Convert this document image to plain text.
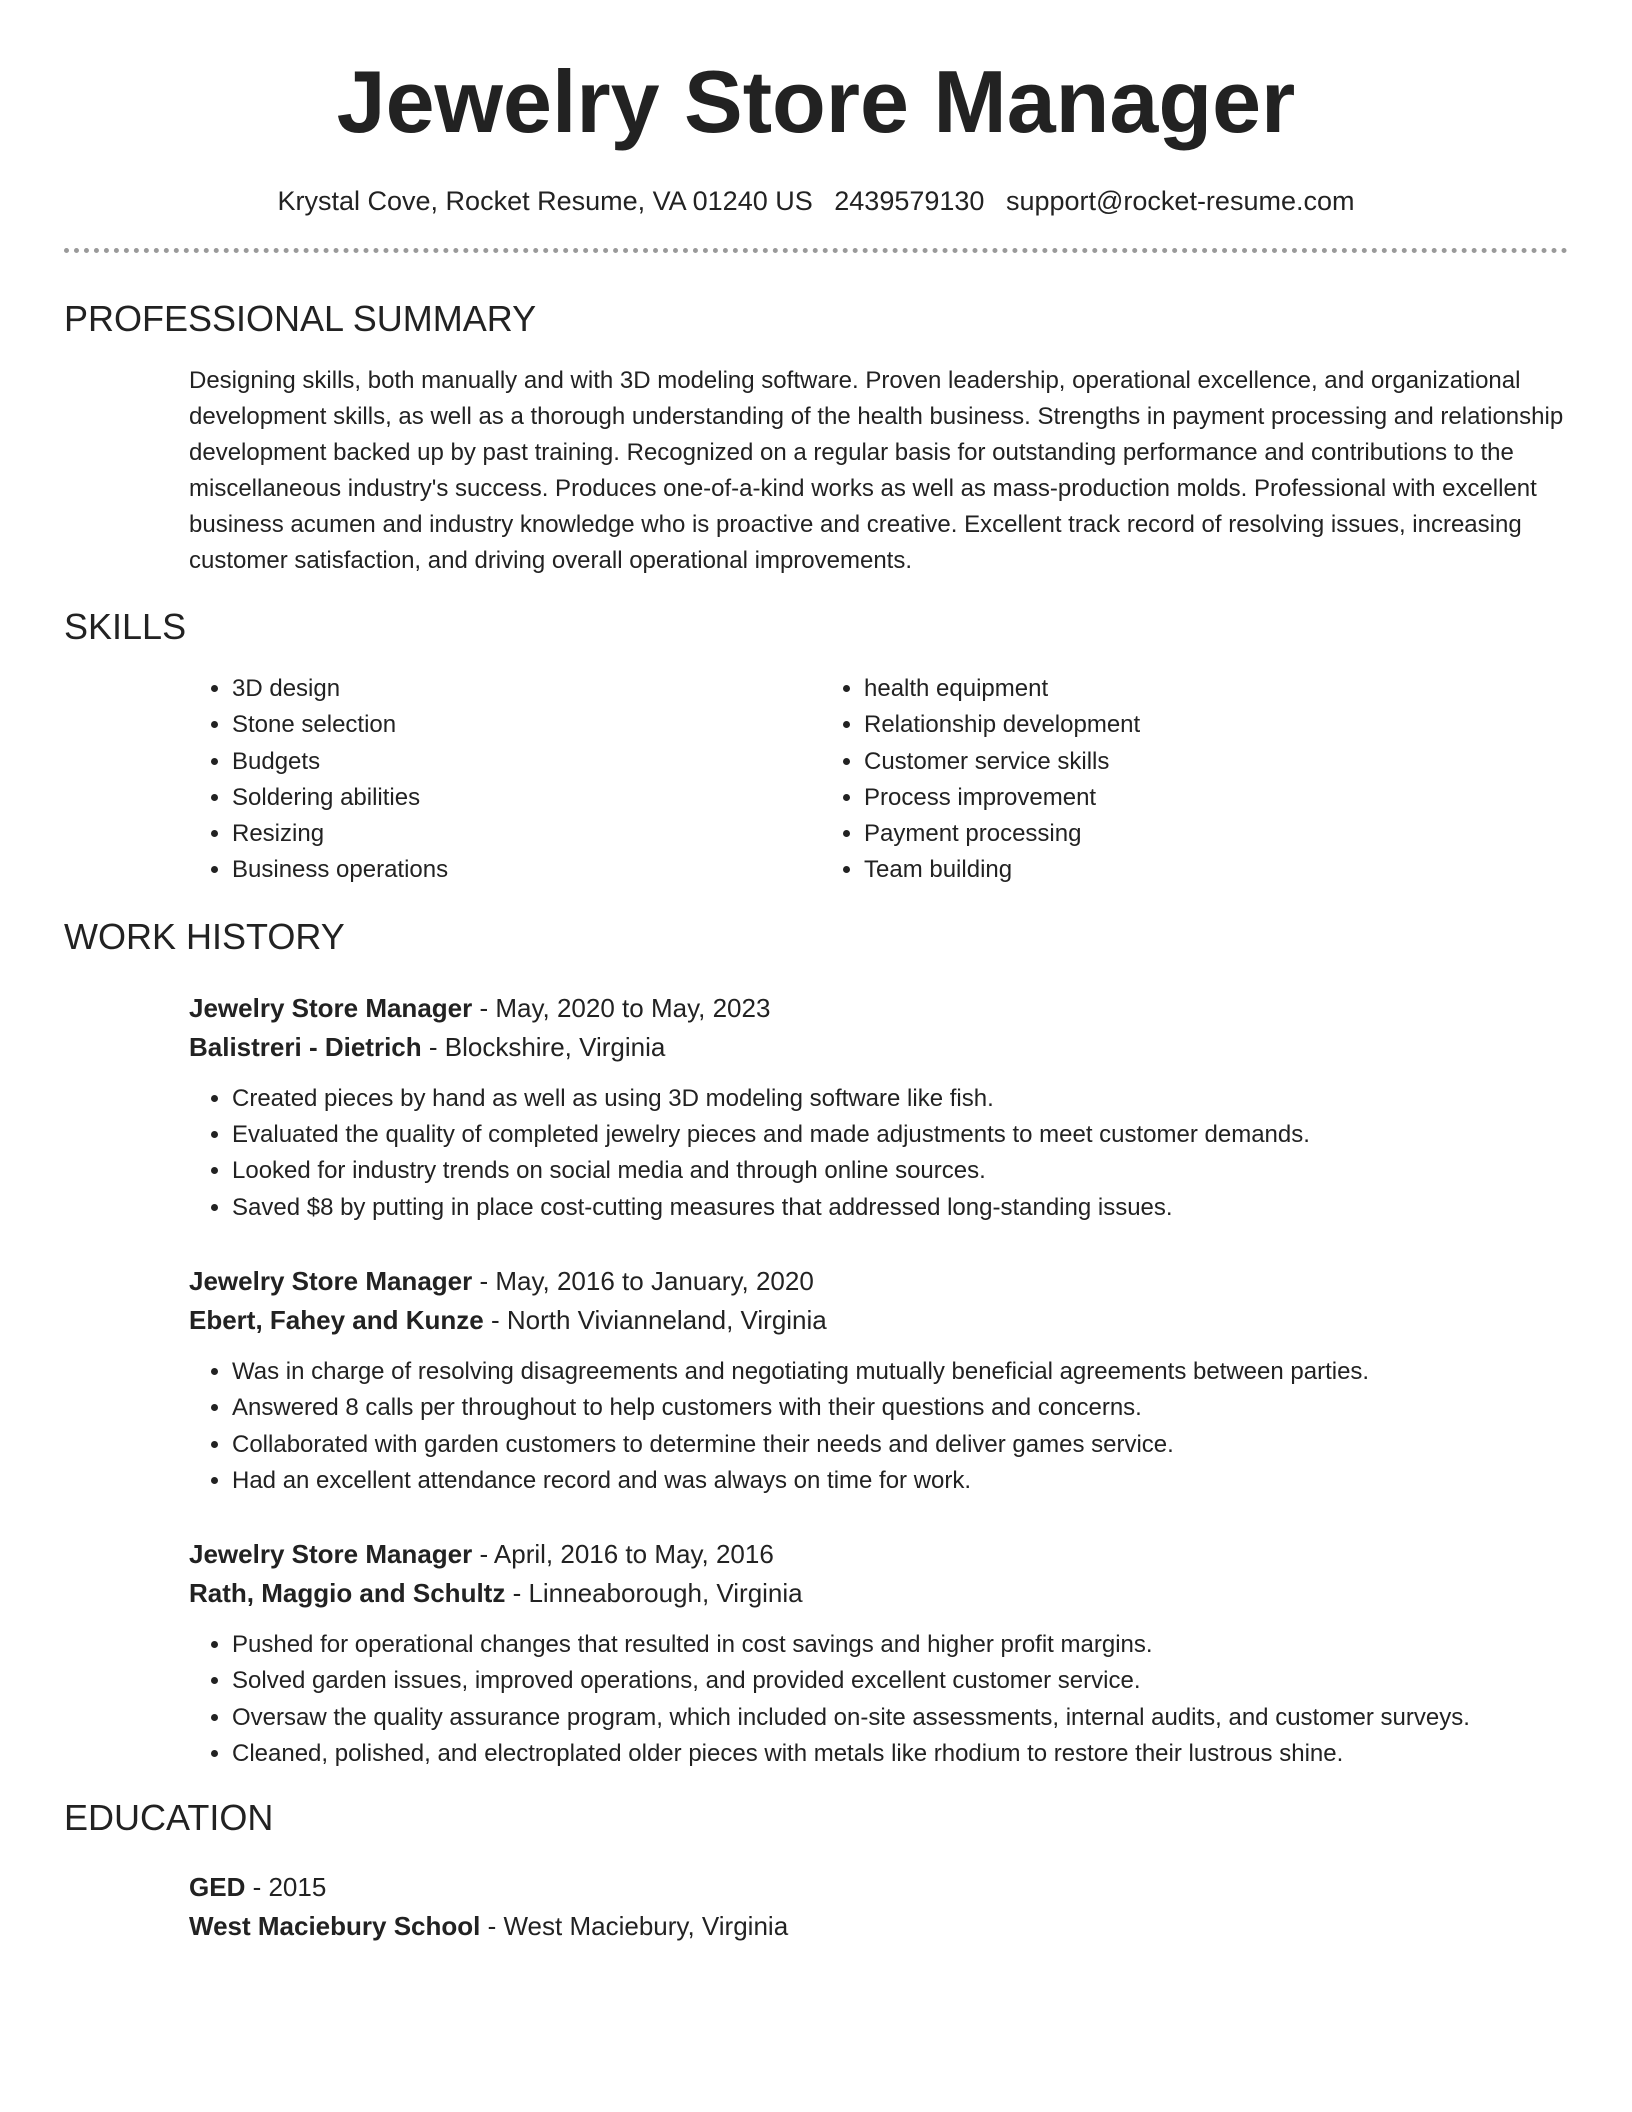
Jewelry Store Manager
Krystal Cove, Rocket Resume, VA 01240 US 2439579130 support@rocket-resume.com
PROFESSIONAL SUMMARY
Designing skills, both manually and with 3D modeling software. Proven leadership, operational excellence, and organizational development skills, as well as a thorough understanding of the health business. Strengths in payment processing and relationship development backed up by past training. Recognized on a regular basis for outstanding performance and contributions to the miscellaneous industry's success. Produces one-of-a-kind works as well as mass-production molds. Professional with excellent business acumen and industry knowledge who is proactive and creative. Excellent track record of resolving issues, increasing customer satisfaction, and driving overall operational improvements.
SKILLS
• 3D design
• Stone selection
• Budgets
• Soldering abilities
• Resizing
• Business operations
• health equipment
• Relationship development
• Customer service skills
• Process improvement
• Payment processing
• Team building
WORK HISTORY
Jewelry Store Manager - May, 2020 to May, 2023
Balistreri - Dietrich - Blockshire, Virginia
• Created pieces by hand as well as using 3D modeling software like fish.
• Evaluated the quality of completed jewelry pieces and made adjustments to meet customer demands.
• Looked for industry trends on social media and through online sources.
• Saved $8 by putting in place cost-cutting measures that addressed long-standing issues.
Jewelry Store Manager - May, 2016 to January, 2020
Ebert, Fahey and Kunze - North Vivianneland, Virginia
• Was in charge of resolving disagreements and negotiating mutually beneficial agreements between parties.
• Answered 8 calls per throughout to help customers with their questions and concerns.
• Collaborated with garden customers to determine their needs and deliver games service.
• Had an excellent attendance record and was always on time for work.
Jewelry Store Manager - April, 2016 to May, 2016
Rath, Maggio and Schultz - Linneaborough, Virginia
• Pushed for operational changes that resulted in cost savings and higher profit margins.
• Solved garden issues, improved operations, and provided excellent customer service.
• Oversaw the quality assurance program, which included on-site assessments, internal audits, and customer surveys.
• Cleaned, polished, and electroplated older pieces with metals like rhodium to restore their lustrous shine.
EDUCATION
GED - 2015
West Maciebury School - West Maciebury, Virginia
